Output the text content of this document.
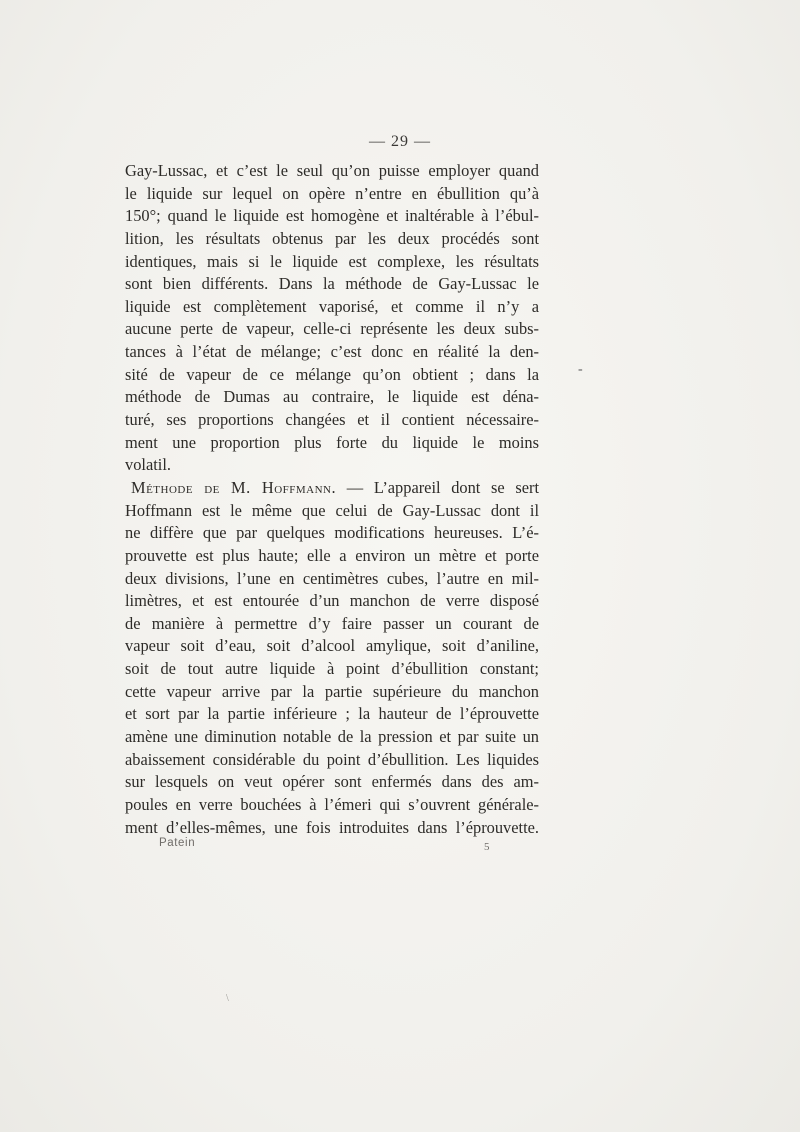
— 29 —
Gay-Lussac, et c’est le seul qu’on puisse employer quand
le liquide sur lequel on opère n’entre en ébullition qu’à
150°; quand le liquide est homogène et inaltérable à l’ébul-
lition, les résultats obtenus par les deux procédés sont
identiques, mais si le liquide est complexe, les résultats
sont bien différents. Dans la méthode de Gay-Lussac le
liquide est complètement vaporisé, et comme il n’y a
aucune perte de vapeur, celle-ci représente les deux subs-
tances à l’état de mélange; c’est donc en réalité la den-
sité de vapeur de ce mélange qu’on obtient ; dans la
méthode de Dumas au contraire, le liquide est déna-
turé, ses proportions changées et il contient nécessaire-
ment une proportion plus forte du liquide le moins
volatil.
Méthode de M. Hoffmann. — L’appareil dont se sert
Hoffmann est le même que celui de Gay-Lussac dont il
ne diffère que par quelques modifications heureuses. L’é-
prouvette est plus haute; elle a environ un mètre et porte
deux divisions, l’une en centimètres cubes, l’autre en mil-
limètres, et est entourée d’un manchon de verre disposé
de manière à permettre d’y faire passer un courant de
vapeur soit d’eau, soit d’alcool amylique, soit d’aniline,
soit de tout autre liquide à point d’ébullition constant;
cette vapeur arrive par la partie supérieure du manchon
et sort par la partie inférieure ; la hauteur de l’éprouvette
amène une diminution notable de la pression et par suite un
abaissement considérable du point d’ébullition. Les liquides
sur lesquels on veut opérer sont enfermés dans des am-
poules en verre bouchées à l’émeri qui s’ouvrent générale-
ment d’elles-mêmes, une fois introduites dans l’éprouvette.
-
Patein	5
\
